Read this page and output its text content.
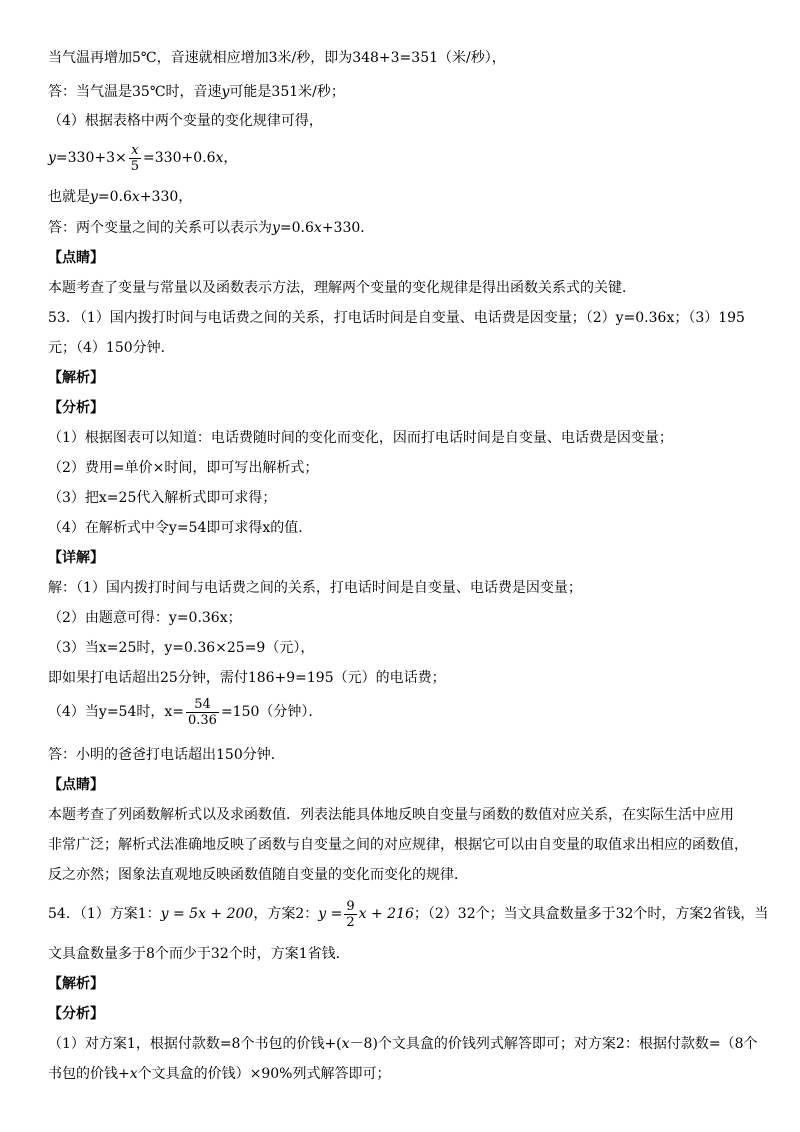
当气温再增加5℃，音速就相应增加3米/秒，即为348+3=351（米/秒），
答：当气温是35℃时，音速y可能是351米/秒；
（4）根据表格中两个变量的变化规律可得，
$y=330+3\times \frac{x}{5} =330+0.6x$，
也就是y=0.6x+330，
答：两个变量之间的关系可以表示为y=0.6x+330．
【点睛】
本题考查了变量与常量以及函数表示方法，理解两个变量的变化规律是得出函数关系式的关键．
53．（1）国内拨打时间与电话费之间的关系，打电话时间是自变量、电话费是因变量；（2）y=0.36x；（3）195
元；（4）150分钟．
【解析】
【分析】
（1）根据图表可以知道：电话费随时间的变化而变化，因而打电话时间是自变量、电话费是因变量；
（2）费用=单价×时间，即可写出解析式；
（3）把x=25代入解析式即可求得；
（4）在解析式中令y=54即可求得x的值．
【详解】
解：（1）国内拨打时间与电话费之间的关系，打电话时间是自变量、电话费是因变量；
（2）由题意可得：y=0.36x；
（3）当x=25时，y=0.36×25=9（元），
即如果打电话超出25分钟，需付186+9=195（元）的电话费；
（4）当y=54时，$x= \frac{54}{0.36} =150$（分钟）．
答：小明的爸爸打电话超出150分钟．
【点睛】
本题考查了列函数解析式以及求函数值．列表法能具体地反映自变量与函数的数值对应关系，在实际生活中应用
非常广泛；解析式法准确地反映了函数与自变量之间的对应规律，根据它可以由自变量的取值求出相应的函数值，
反之亦然；图象法直观地反映函数值随自变量的变化而变化的规律．
54．（1）方案1：y = 5x + 200，方案2：$y = \frac{9}{2}$ x + 216；（2）32个；当文具盒数量多于32个时，方案2省钱，当
文具盒数量多于8个而少于32个时，方案1省钱．
【解析】
【分析】
（1）对方案1，根据付款数=8个书包的价钱+(x－8)个文具盒的价钱列式解答即可；对方案2：根据付款数=（8个
书包的价钱+x个文具盒的价钱）×90%列式解答即可；
